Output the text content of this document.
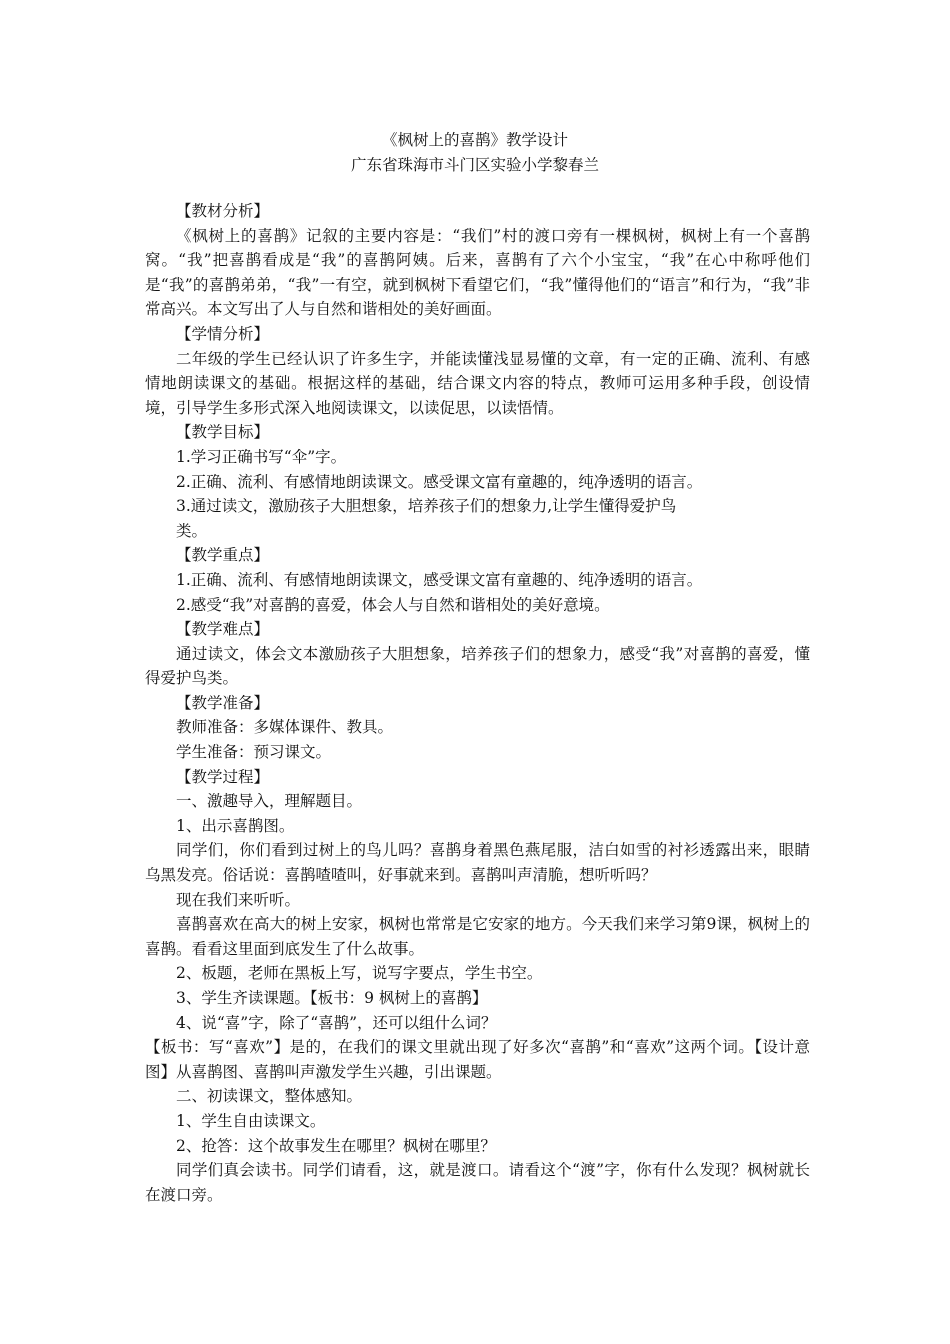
《枫树上的喜鹊》教学设计
广东省珠海市斗门区实验小学黎春兰

【教材分析】

《枫树上的喜鹊》记叙的主要内容是：“我们”村的渡口旁有一棵枫树，枫树上有一个喜鹊窝。“我”把喜鹊看成是“我”的喜鹊阿姨。后来，喜鹊有了六个小宝宝，“我”在心中称呼他们是“我”的喜鹊弟弟，“我”一有空，就到枫树下看望它们，“我”懂得他们的“语言”和行为，“我”非常高兴。本文写出了人与自然和谐相处的美好画面。

【学情分析】

二年级的学生已经认识了许多生字，并能读懂浅显易懂的文章，有一定的正确、流利、有感情地朗读课文的基础。根据这样的基础，结合课文内容的特点，教师可运用多种手段，创设情境，引导学生多形式深入地阅读课文，以读促思，以读悟情。

【教学目标】

1.学习正确书写“伞”字。

2.正确、流利、有感情地朗读课文。感受课文富有童趣的，纯净透明的语言。

3.通过读文，激励孩子大胆想象，培养孩子们的想象力,让学生懂得爱护鸟

类。

【教学重点】

1.正确、流利、有感情地朗读课文，感受课文富有童趣的、纯净透明的语言。

2.感受“我”对喜鹊的喜爱，体会人与自然和谐相处的美好意境。

【教学难点】

通过读文，体会文本激励孩子大胆想象，培养孩子们的想象力，感受“我”对喜鹊的喜爱，懂得爱护鸟类。

【教学准备】

教师准备：多媒体课件、教具。

学生准备：预习课文。

【教学过程】

一、激趣导入，理解题目。

1、出示喜鹊图。

同学们，你们看到过树上的鸟儿吗？喜鹊身着黑色燕尾服，洁白如雪的衬衫透露出来，眼睛乌黑发亮。俗话说：喜鹊喳喳叫，好事就来到。喜鹊叫声清脆，想听听吗？

现在我们来听听。

喜鹊喜欢在高大的树上安家，枫树也常常是它安家的地方。今天我们来学习第9课，枫树上的喜鹊。看看这里面到底发生了什么故事。

2、板题，老师在黑板上写，说写字要点，学生书空。

3、学生齐读课题。【板书：9 枫树上的喜鹊】

4、说“喜”字，除了“喜鹊”，还可以组什么词？

【板书：写“喜欢”】是的，在我们的课文里就出现了好多次“喜鹊”和“喜欢”这两个词。【设计意图】从喜鹊图、喜鹊叫声激发学生兴趣，引出课题。

二、初读课文，整体感知。

1、学生自由读课文。

2、抢答：这个故事发生在哪里？枫树在哪里？

同学们真会读书。同学们请看，这，就是渡口。请看这个“渡”字，你有什么发现？枫树就长在渡口旁。
